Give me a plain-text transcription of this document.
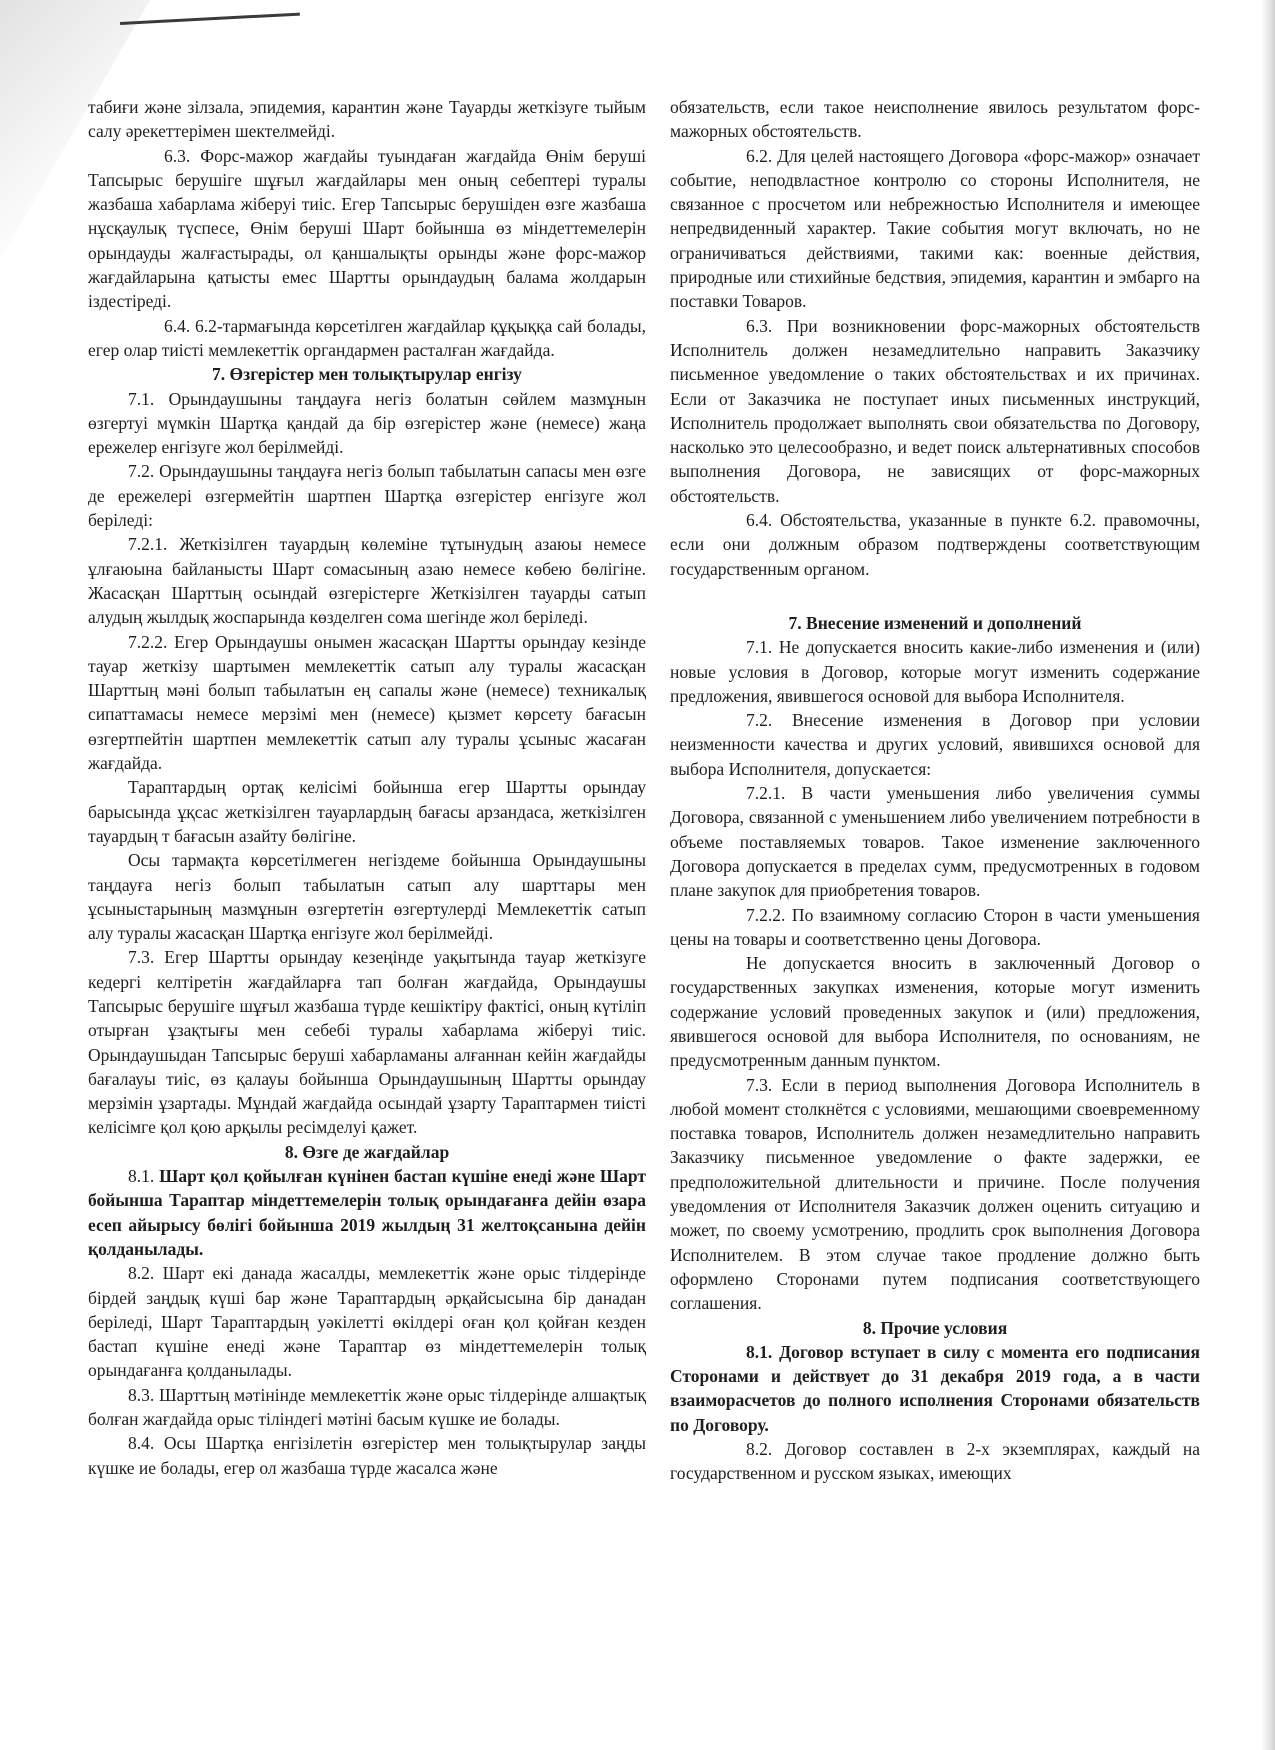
табиғи және зілзала, эпидемия, карантин және Тауарды жеткізуге тыйым салу әрекеттерімен шектелмейді.

6.3. Форс-мажор жағдайы туындаған жағдайда Өнім беруші Тапсырыс берушіге шұғыл жағдайлары мен оның себептері туралы жазбаша хабарлама жіберуі тиіс. Егер Тапсырыс берушіден өзге жазбаша нұсқаулық түспесе, Өнім беруші Шарт бойынша өз міндеттемелерін орындауды жалғастырады, ол қаншалықты орынды және форс-мажор жағдайларына қатысты емес Шартты орындаудың балама жолдарын іздестіреді.

6.4. 6.2-тармағында көрсетілген жағдайлар құқыққа сай болады, егер олар тиісті мемлекеттік органдармен расталған жағдайда.

7. Өзгерістер мен толықтырулар енгізу

7.1. Орындаушыны таңдауға негіз болатын сөйлем мазмұнын өзгертуі мүмкін Шартқа қандай да бір өзгерістер және (немесе) жаңа ережелер енгізуге жол берілмейді.

7.2. Орындаушыны таңдауға негіз болып табылатын сапасы мен өзге де ережелері өзгермейтін шартпен Шартқа өзгерістер енгізуге жол беріледі:

7.2.1. Жеткізілген тауардың көлеміне тұтынудың азаюы немесе ұлғаюына байланысты Шарт сомасының азаю немесе көбею бөлігіне. Жасасқан Шарттың осындай өзгерістерге Жеткізілген тауарды сатып алудың жылдық жоспарында көзделген сома шегінде жол беріледі.

7.2.2. Егер Орындаушы онымен жасасқан Шартты орындау кезінде тауар жеткізу шартымен мемлекеттік сатып алу туралы жасасқан Шарттың мәні болып табылатын ең сапалы және (немесе) техникалық сипаттамасы немесе мерзімі мен (немесе) қызмет көрсету бағасын өзгертпейтін шартпен мемлекеттік сатып алу туралы ұсыныс жасаған жағдайда.

Тараптардың ортақ келісімі бойынша егер Шартты орындау барысында ұқсас жеткізілген тауарлардың бағасы арзандаса, жеткізілген тауардың т бағасын азайту бөлігіне.

Осы тармақта көрсетілмеген негіздеме бойынша Орындаушыны таңдауға негіз болып табылатын сатып алу шарттары мен ұсыныстарының мазмұнын өзгертетін өзгертулерді Мемлекеттік сатып алу туралы жасасқан Шартқа енгізуге жол берілмейді.

7.3. Егер Шартты орындау кезеңінде уақытында тауар жеткізуге кедергі келтіретін жағдайларға тап болған жағдайда, Орындаушы Тапсырыс берушіге шұғыл жазбаша түрде кешіктіру фактісі, оның күтіліп отырған ұзақтығы мен себебі туралы хабарлама жіберуі тиіс. Орындаушыдан Тапсырыс беруші хабарламаны алғаннан кейін жағдайды бағалауы тиіс, өз қалауы бойынша Орындаушының Шартты орындау мерзімін ұзартады. Мұндай жағдайда осындай ұзарту Тараптармен тиісті келісімге қол қою арқылы ресімделуі қажет.

8. Өзге де жағдайлар

8.1. Шарт қол қойылған күнінен бастап күшіне енеді және Шарт бойынша Тараптар міндеттемелерін толық орындағанға дейін өзара есеп айырысу бөлігі бойынша 2019 жылдың 31 желтоқсанына дейін қолданылады.

8.2. Шарт екі данада жасалды, мемлекеттік және орыс тілдерінде бірдей заңдық күші бар және Тараптардың әрқайсысына бір данадан беріледі, Шарт Тараптардың уәкілетті өкілдері оған қол қойған кезден бастап күшіне енеді және Тараптар өз міндеттемелерін толық орындағанға қолданылады.

8.3. Шарттың мәтінінде мемлекеттік және орыс тілдерінде алшақтық болған жағдайда орыс тіліндегі мәтіні басым күшке ие болады.

8.4. Осы Шартқа енгізілетін өзгерістер мен толықтырулар заңды күшке ие болады, егер ол жазбаша түрде жасалса және

обязательств, если такое неисполнение явилось результатом форс-мажорных обстоятельств.

6.2. Для целей настоящего Договора «форс-мажор» означает событие, неподвластное контролю со стороны Исполнителя, не связанное с просчетом или небрежностью Исполнителя и имеющее непредвиденный характер. Такие события могут включать, но не ограничиваться действиями, такими как: военные действия, природные или стихийные бедствия, эпидемия, карантин и эмбарго на поставки Товаров.

6.3. При возникновении форс-мажорных обстоятельств Исполнитель должен незамедлительно направить Заказчику письменное уведомление о таких обстоятельствах и их причинах. Если от Заказчика не поступает иных письменных инструкций, Исполнитель продолжает выполнять свои обязательства по Договору, насколько это целесообразно, и ведет поиск альтернативных способов выполнения Договора, не зависящих от форс-мажорных обстоятельств.

6.4. Обстоятельства, указанные в пункте 6.2. правомочны, если они должным образом подтверждены соответствующим государственным органом.

7. Внесение изменений и дополнений

7.1. Не допускается вносить какие-либо изменения и (или) новые условия в Договор, которые могут изменить содержание предложения, явившегося основой для выбора Исполнителя.

7.2. Внесение изменения в Договор при условии неизменности качества и других условий, явившихся основой для выбора Исполнителя, допускается:

7.2.1. В части уменьшения либо увеличения суммы Договора, связанной с уменьшением либо увеличением потребности в объеме поставляемых товаров. Такое изменение заключенного Договора допускается в пределах сумм, предусмотренных в годовом плане закупок для приобретения товаров.

7.2.2. По взаимному согласию Сторон в части уменьшения цены на товары и соответственно цены Договора.

Не допускается вносить в заключенный Договор о государственных закупках изменения, которые могут изменить содержание условий проведенных закупок и (или) предложения, явившегося основой для выбора Исполнителя, по основаниям, не предусмотренным данным пунктом.

7.3. Если в период выполнения Договора Исполнитель в любой момент столкнётся с условиями, мешающими своевременному поставка товаров, Исполнитель должен незамедлительно направить Заказчику письменное уведомление о факте задержки, ее предположительной длительности и причине. После получения уведомления от Исполнителя Заказчик должен оценить ситуацию и может, по своему усмотрению, продлить срок выполнения Договора Исполнителем. В этом случае такое продление должно быть оформлено Сторонами путем подписания соответствующего соглашения.

8. Прочие условия

8.1. Договор вступает в силу с момента его подписания Сторонами и действует до 31 декабря 2019 года, а в части взаиморасчетов до полного исполнения Сторонами обязательств по Договору.

8.2. Договор составлен в 2-х экземплярах, каждый на государственном и русском языках, имеющих
